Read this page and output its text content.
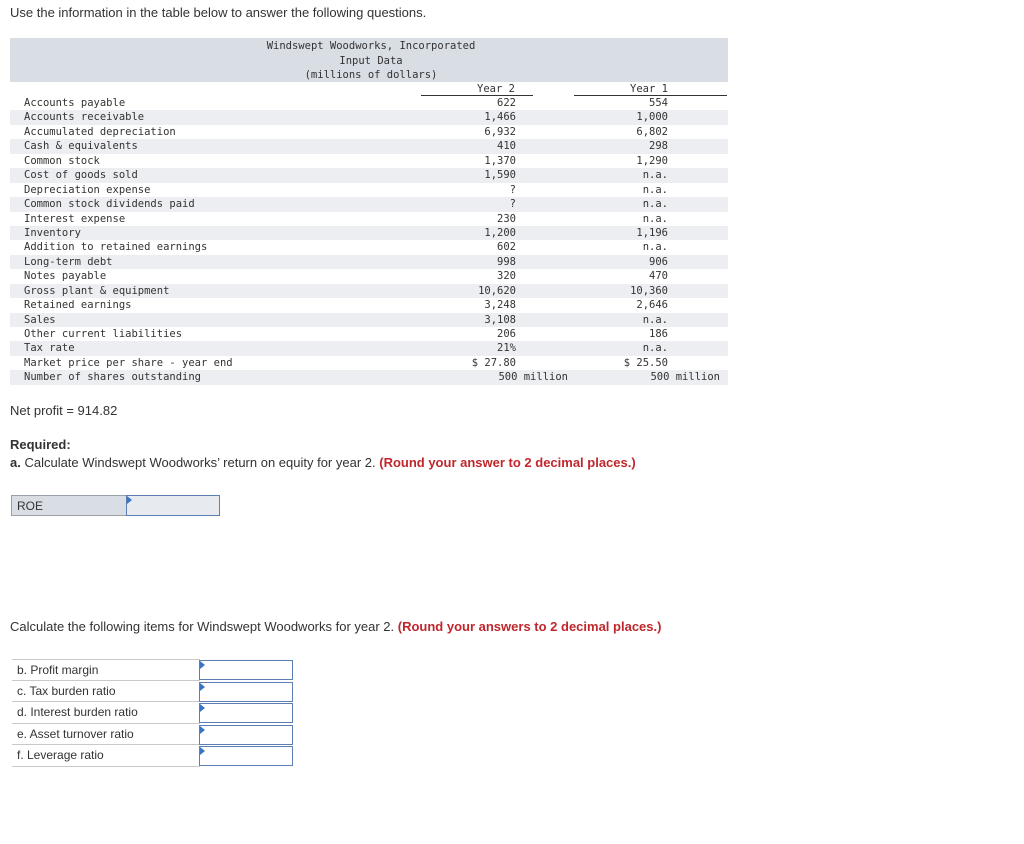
Use the information in the table below to answer the following questions.
Windswept Woodworks, Incorporated
Input Data
(millions of dollars)
Year 2	Year 1
Accounts payable	622	554
Accounts receivable	1,466	1,000
Accumulated depreciation	6,932	6,802
Cash & equivalents	410	298
Common stock	1,370	1,290
Cost of goods sold	1,590	n.a.
Depreciation expense	?	n.a.
Common stock dividends paid	?	n.a.
Interest expense	230	n.a.
Inventory	1,200	1,196
Addition to retained earnings	602	n.a.
Long-term debt	998	906
Notes payable	320	470
Gross plant & equipment	10,620	10,360
Retained earnings	3,248	2,646
Sales	3,108	n.a.
Other current liabilities	206	186
Tax rate	21%	n.a.
Market price per share - year end	$ 27.80	$ 25.50
Number of shares outstanding	500 million	500 million
Net profit = 914.82
Required:
a. Calculate Windswept Woodworks’ return on equity for year 2. (Round your answer to 2 decimal places.)
ROE
Calculate the following items for Windswept Woodworks for year 2. (Round your answers to 2 decimal places.)
b. Profit margin
c. Tax burden ratio
d. Interest burden ratio
e. Asset turnover ratio
f. Leverage ratio
